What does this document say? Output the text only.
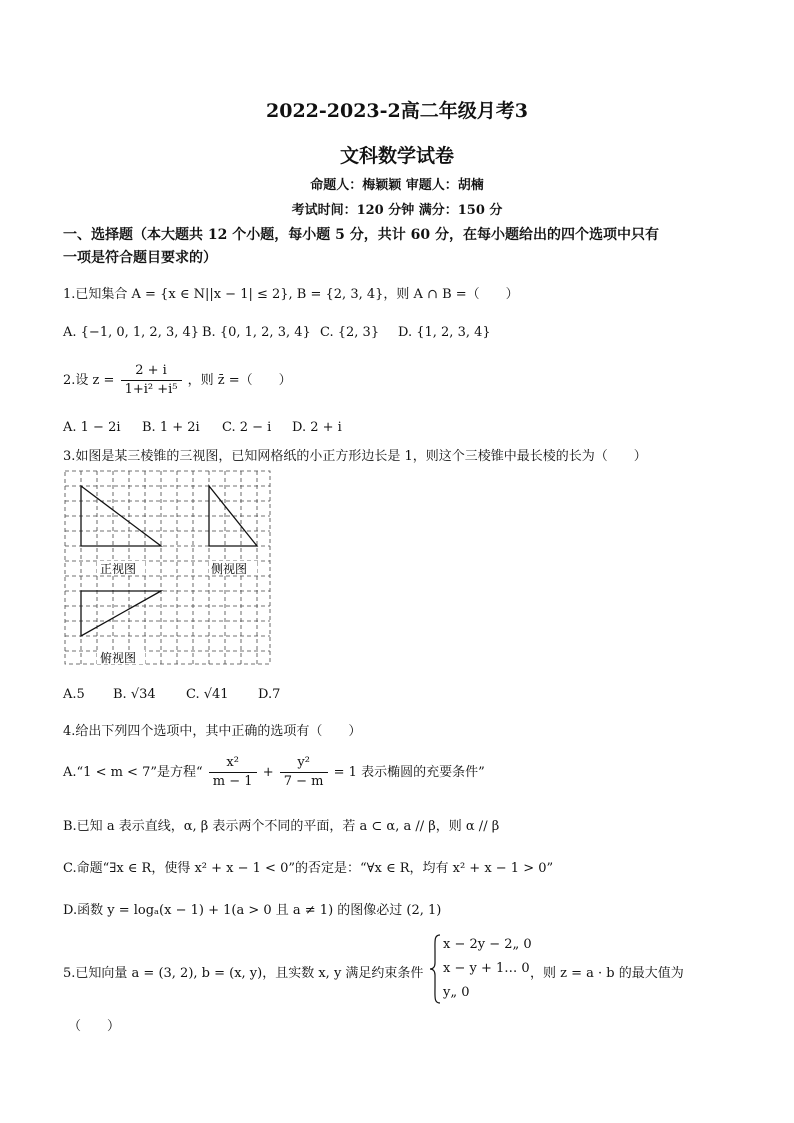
2022-2023-2高二年级月考3
文科数学试卷
命题人：梅颖颖 审题人：胡楠
考试时间：120 分钟 满分：150 分
一、选择题（本大题共 12 个小题，每小题 5 分，共计 60 分，在每小题给出的四个选项中只有
一项是符合题目要求的）
1.已知集合 A = {x ∈ N||x − 1| ≤ 2}, B = {2, 3, 4}，则 A ∩ B =（　　）
A. {−1, 0, 1, 2, 3, 4} B. {0, 1, 2, 3, 4} C. {2, 3} D. {1, 2, 3, 4}
2.设 $z = \frac{2 + i}{\text{1+i² +i⁵}}$ ，则 z̄ =（　　）
A. 1 − 2i B. 1 + 2i C. 2 − i D. 2 + i
3.如图是某三棱锥的三视图，已知网格纸的小正方形边长是 1，则这个三棱锥中最长棱的长为（　　）
正视图	侧视图
俯视图
A.5 B. √34 C. √41 D.7
4.给出下列四个选项中，其中正确的选项有（　　）
A.“1 < m < 7”是方程“ $\frac{\text{x²}}{m - 1} + \frac{\text{y²}}{7 - m} = 1$ 表示椭圆的充要条件”
B.已知 a 表示直线，α, β 表示两个不同的平面，若 a ⊂ α, a // β，则 α // β
C.命题“∃x ∈ R，使得 x² + x − 1 < 0”的否定是：“∀x ∈ R，均有 x² + x − 1 > 0”
D.函数 y = logₐ(x − 1) + 1(a > 0 且 a ≠ 1) 的图像必过 (2, 1)
5.已知向量 a = (3, 2), b = (x, y)，且实数 x, y 满足约束条件
x − 2y − 2„ 0
x − y + 1… 0
y„ 0
，则 z = a · b 的最大值为
（　　）
